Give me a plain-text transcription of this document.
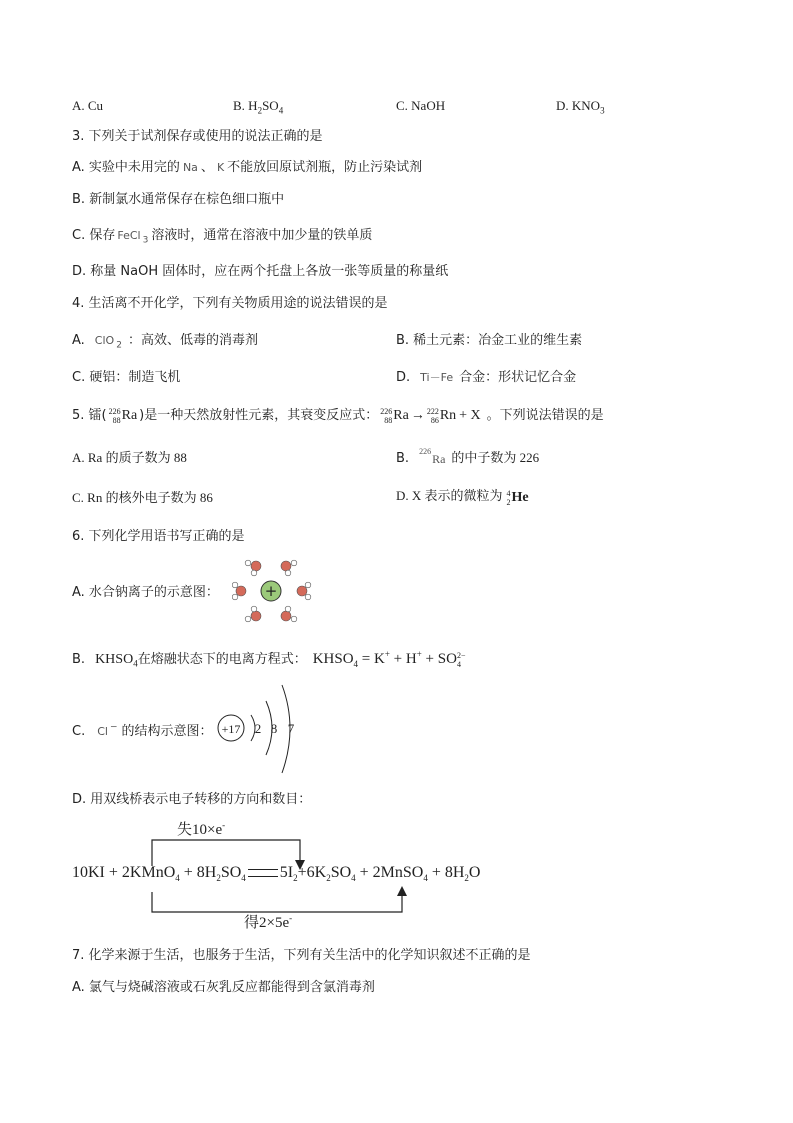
A. Cu	B. $H_2SO_4$	C. NaOH	D. $KNO_3$
3. 下列关于试剂保存或使用的说法正确的是
A. 实验中未用完的 Na 、 K 不能放回原试剂瓶，防止污染试剂
B. 新制氯水通常保存在棕色细口瓶中
C. 保存 FeCl $_3$ 溶液时，通常在溶液中加少量的铁单质
D. 称量 NaOH 固体时，应在两个托盘上各放一张等质量的称量纸
4. 生活离不开化学，下列有关物质用途的说法错误的是
A. ClO $_2$ ：高效、低毒的消毒剂	B. 稀土元素：冶金工业的维生素
C. 硬铝：制造飞机	D. Ti－Fe 合金：形状记忆合金
5. 镭( 226
88Ra )是一种天然放射性元素，其衰变反应式： 226
88Ra → 222
86Rn + X 。下列说法错误的是
A. Ra 的质子数为 88	B. 226Ra 的中子数为 226
C. Rn 的核外电子数为 86	D. X 表示的微粒为 4
2He
6. 下列化学用语书写正确的是
A. 水合钠离子的示意图：	+
B. $KHSO_4$在熔融状态下的电离方程式： $KHSO_4 = K^+ + H^+ + SO2-$
4
C. Cl − 的结构示意图： +17 2 8 7
D. 用双线桥表示电子转移的方向和数目：
失10×e-
得2×5e-
10KI + 2KMnO$_4$ + $8H_2SO_4$ $5I_2+6K_2SO_4$ + 2MnSO$_4$ + $8H_2O$
7. 化学来源于生活，也服务于生活，下列有关生活中的化学知识叙述不正确的是
A. 氯气与烧碱溶液或石灰乳反应都能得到含氯消毒剂
